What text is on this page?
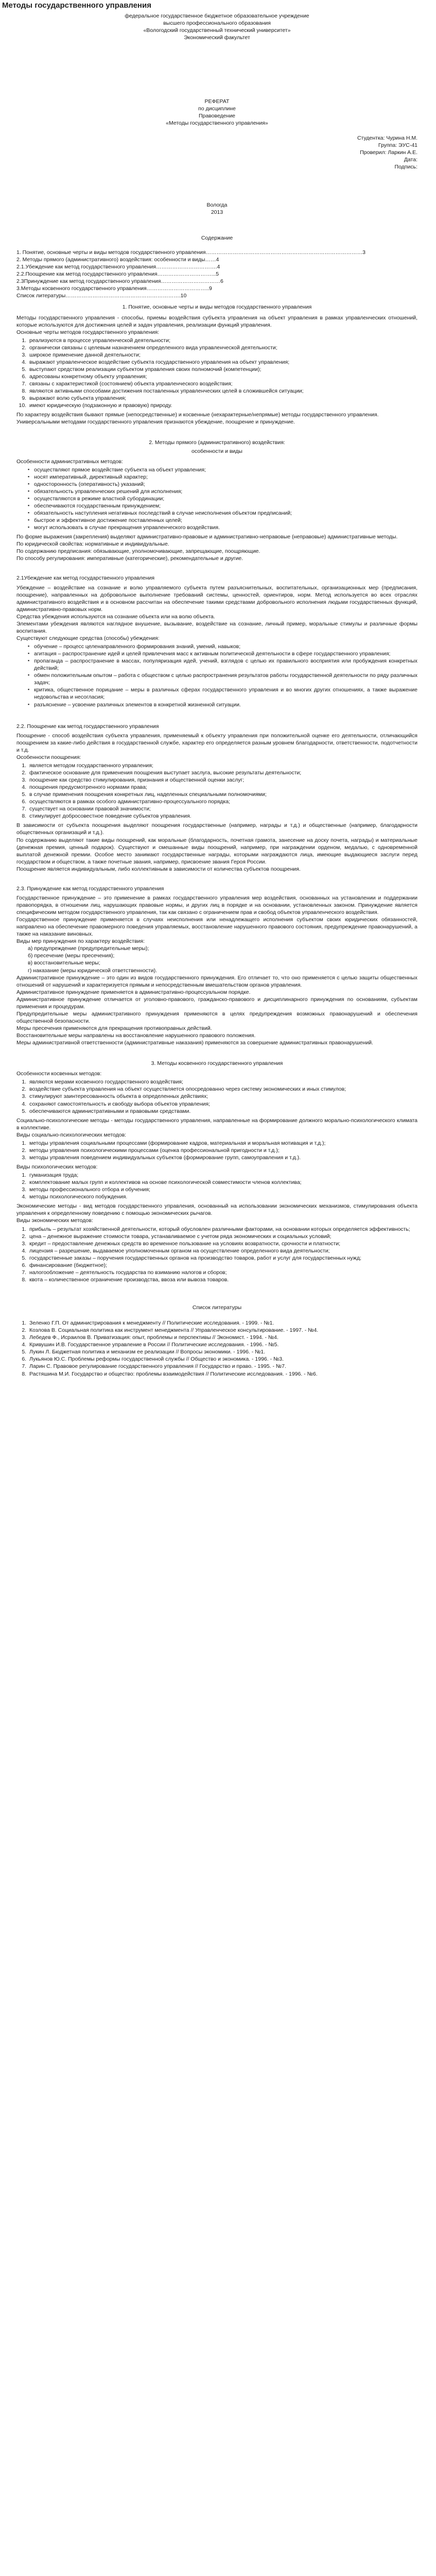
Методы государственного управления

федеральное государственное бюджетное образовательное учреждение

высшего профессионального образования

«Вологодский государственный технический университет»

Экономический факультет

РЕФЕРАТ

по дисциплине

Правоведение

«Методы государственного управления»

Студентка: Чурина Н.М.

Группа: ЭУС-41

Проверил: Ларкин А.Е.

Дата:

Подпись:

Вологда

2013

Содержание

1. Понятие, основные черты и виды методов государственного управления……………………………………………………………………………3

2. Методы прямого (административного) воздействия: особенности и виды……4

2.1.Убеждение как метод государственного управления…………………………….4

2.2.Поощрение как метод государственного управления…………………………...5

2.3Принуждение как метод государственного управления……………………………6

3.Методы косвенного государственного управления……………………………..9

Список литературы……………………………………………………….10

1. Понятие, основные черты и виды методов государственного управления

Методы государственного управления - способы, приемы воздействия субъекта управления на объект управления в рамках управленческих отношений, которые используются для достижения целей и задач управления, реализации функций управления.

Основные черты методов государственного управления:

1. реализуются в процессе управленческой деятельности;
2. органически связаны с целевым назначением определенного вида управленческой деятельности;
3. широкое применение данной деятельности;
4. выражают управленческое воздействие субъекта государственного управления на объект управления;
5. выступают средством реализации субъектом управления своих полномочий (компетенции);
6. адресованы конкретному объекту управления;
7. связаны с характеристикой (состоянием) объекта управленческого воздействия;
8. являются активными способами достижения поставленных управленческих целей в сложившейся ситуации;
9. выражают волю субъекта управления;
10. имеют юридическую (подзаконную и правовую) природу.

По характеру воздействия бывают прямые (непосредственные) и косвенные (нехарактерные/непрямые) методы государственного управления.

Универсальными методами государственного управления признаются убеждение, поощрение и принуждение.

2. Методы прямого (административного) воздействия:

особенности и виды

Особенности административных методов:

▪ осуществляют прямое воздействие субъекта на объект управления;
▪ носят императивный, директивный характер;
▪ односторонность (оперативность) указаний;
▪ обязательность управленческих решений для исполнения;
▪ осуществляются в режиме властной субординации;
▪ обеспечиваются государственным принуждением;
▪ обязательность наступления негативных последствий в случае неисполнения объектом предписаний;
▪ быстрое и эффективное достижение поставленных целей;
▪ могут использовать в случае прекращения управленческого воздействия.

По форме выражения (закрепления) выделяют административно-правовые и административно-неправовые (неправовые) административные методы.

По юридической свойства: нормативные и индивидуальные.

По содержанию предписания: обязывающие, уполномочивающие, запрещающие, поощряющие.

По способу регулирования: императивные (категорические), рекомендательные и другие.

2.1Убеждение как метод государственного управления

Убеждение – воздействие на сознание и волю управляемого субъекта путем разъяснительных, воспитательных, организационных мер (предписания, поощрение), направленных на добровольное выполнение требований системы, ценностей, ориентиров, норм. Метод используется во всех отраслях административного воздействия и в основном рассчитан на обеспечение такими средствами добровольного исполнения людьми государственных функций, административно-правовых норм.

Средства убеждения используются на сознание объекта или на волю объекта.

Элементами убеждения являются наглядное внушение, вызывание, воздействие на сознание, личный пример, моральные стимулы и различные формы воспитания.

Существуют следующие средства (способы) убеждения:

▪ обучение – процесс целенаправленного формирования знаний, умений, навыков;
▪ агитация – распространение идей и целей привлечения масс к активным политической деятельности в сфере государственного управления;
▪ пропаганда – распространение в массах, популяризация идей, учений, взглядов с целью их правильного восприятия или пробуждения конкретных действий;
▪ обмен положительным опытом – работа с обществом с целью распространения результатов работы государственной деятельности по ряду различных задач;
▪ критика, общественное порицание – меры в различных сферах государственного управления и во многих других отношениях, а также выражение недовольства и несогласия;
▪ разъяснение – усвоение различных элементов в конкретной жизненной ситуации.

2.2. Поощрение как метод государственного управления

Поощрение - способ воздействия субъекта управления, применяемый к объекту управления при положительной оценке его деятельности, отличающийся поощрением за какие-либо действия в государственной службе, характер его определяется разным уровнем благодарности, ответственности, подотчетности и т.д.

Особенности поощрения:

1. является методом государственного управления;
2. фактическое основание для применения поощрения выступает заслуга, высокие результаты деятельности;
3. поощрение как средство стимулирования, признания и общественной оценки заслуг;
4. поощрения предусмотренного нормами права;
5. в случае применения поощрения конкретных лиц, наделенных специальными полномочиями;
6. осуществляются в рамках особого административно-процессуального порядка;
7. существует на основании правовой значимости;
8. стимулирует добросовестное поведение субъектов управления.

В зависимости от субъекта поощрения выделяют поощрения государственные (например, награды и т.д.) и общественные (например, благодарности общественных организаций и т.д.).

По содержанию выделяют такие виды поощрений, как моральные (благодарность, почетная грамота, занесение на доску почета, награды) и материальные (денежная премия, ценный подарок). Существуют и смешанные виды поощрений, например, при награждении орденом, медалью, с одновременной выплатой денежной премии. Особое место занимают государственные награды, которыми награждаются лица, имеющие выдающиеся заслуги перед государством и обществом, а также почетные звания, например, присвоение звания Героя России.

Поощрение является индивидуальным, либо коллективным в зависимости от количества субъектов поощрения.

2.3. Принуждение как метод государственного управления

Государственное принуждение – это применение в рамках государственного управления мер воздействия, основанных на установлении и поддержании правопорядка, в отношении лиц, нарушающих правовые нормы, и других лиц в порядке и на основании, установленных законом. Принуждение является специфическим методом государственного управления, так как связано с ограничением прав и свобод объектов управленческого воздействия.

Государственное принуждение применяется в случаях неисполнения или ненадлежащего исполнения субъектом своих юридических обязанностей, направлено на обеспечение правомерного поведения управляемых, восстановление нарушенного правового состояния, предупреждение правонарушений, а также на наказание виновных.

Виды мер принуждения по характеру воздействия:

а) предупреждение (предупредительные меры);

б) пресечение (меры пресечения);

в) восстановительные меры;

г) наказание (меры юридической ответственности).

Административное принуждение – это один из видов государственного принуждения. Его отличает то, что оно применяется с целью защиты общественных отношений от нарушений и характеризуется прямым и непосредственным вмешательством органов управления.

Административное принуждение применяется в административно-процессуальном порядке.

Административное принуждение отличается от уголовно-правового, гражданско-правового и дисциплинарного принуждения по основаниям, субъектам применения и процедурам.

Предупредительные меры административного принуждения применяются в целях предупреждения возможных правонарушений и обеспечения общественной безопасности.

Меры пресечения применяются для прекращения противоправных действий.

Восстановительные меры направлены на восстановление нарушенного правового положения.

Меры административной ответственности (административные наказания) применяются за совершение административных правонарушений.

3. Методы косвенного государственного управления

Особенности косвенных методов:

1. являются мерами косвенного государственного воздействия;
2. воздействие субъекта управления на объект осуществляется опосредованно через систему экономических и иных стимулов;
3. стимулируют заинтересованность объекта в определенных действиях;
4. сохраняют самостоятельность и свободу выбора объектов управления;
5. обеспечиваются административными и правовыми средствами.

Социально-психологические методы - методы государственного управления, направленные на формирование должного морально-психологического климата в коллективе.

Виды социально-психологических методов:

1. методы управления социальными процессами (формирование кадров, материальная и моральная мотивация и т.д.);
2. методы управления психологическими процессами (оценка профессиональной пригодности и т.д.);
3. методы управления поведением индивидуальных субъектов (формирование групп, самоуправления и т.д.).

Виды психологических методов:

1. гуманизация труда;
2. комплектование малых групп и коллективов на основе психологической совместимости членов коллектива;
3. методы профессионального отбора и обучения;
4. методы психологического побуждения.

Экономические методы - вид методов государственного управления, основанный на использовании экономических механизмов, стимулирования объекта управления к определенному поведению с помощью экономических рычагов.

Виды экономических методов:

1. прибыль – результат хозяйственной деятельности, который обусловлен различными факторами, на основании которых определяется эффективность;
2. цена – денежное выражение стоимости товара, устанавливаемое с учетом ряда экономических и социальных условий;
3. кредит – предоставление денежных средств во временное пользование на условиях возвратности, срочности и платности;
4. лицензия – разрешение, выдаваемое уполномоченным органом на осуществление определенного вида деятельности;
5. государственные заказы – поручения государственных органов на производство товаров, работ и услуг для государственных нужд;
6. финансирование (бюджетное);
7. налогообложение – деятельность государства по взиманию налогов и сборов;
8. квота – количественное ограничение производства, ввоза или вывоза товаров.

Список литературы

1. Зеленко Г.П. От администрирования к менеджменту // Политические исследования. - 1999. - №1.
2. Козлова В. Социальная политика как инструмент менеджмента // Управленческое консультирование. - 1997. - №4.
3. Лебедев Ф., Исраилов В. Приватизация: опыт, проблемы и перспективы // Экономист. - 1994. - №4.
4. Кривушин И.В. Государственное управление в России // Политические исследования. - 1996. - №5.
5. Лукин Л. Бюджетная политика и механизм ее реализации // Вопросы экономики. - 1996. - №1.
6. Лукьянов Ю.С. Проблемы реформы государственной службы // Общество и экономика. - 1996. - №3.
7. Ларин С. Правовое регулирование государственного управления // Государство и право. - 1995. - №7.
8. Растяшина М.И. Государство и общество: проблемы взаимодействия // Политические исследования. - 1996. - №6.
